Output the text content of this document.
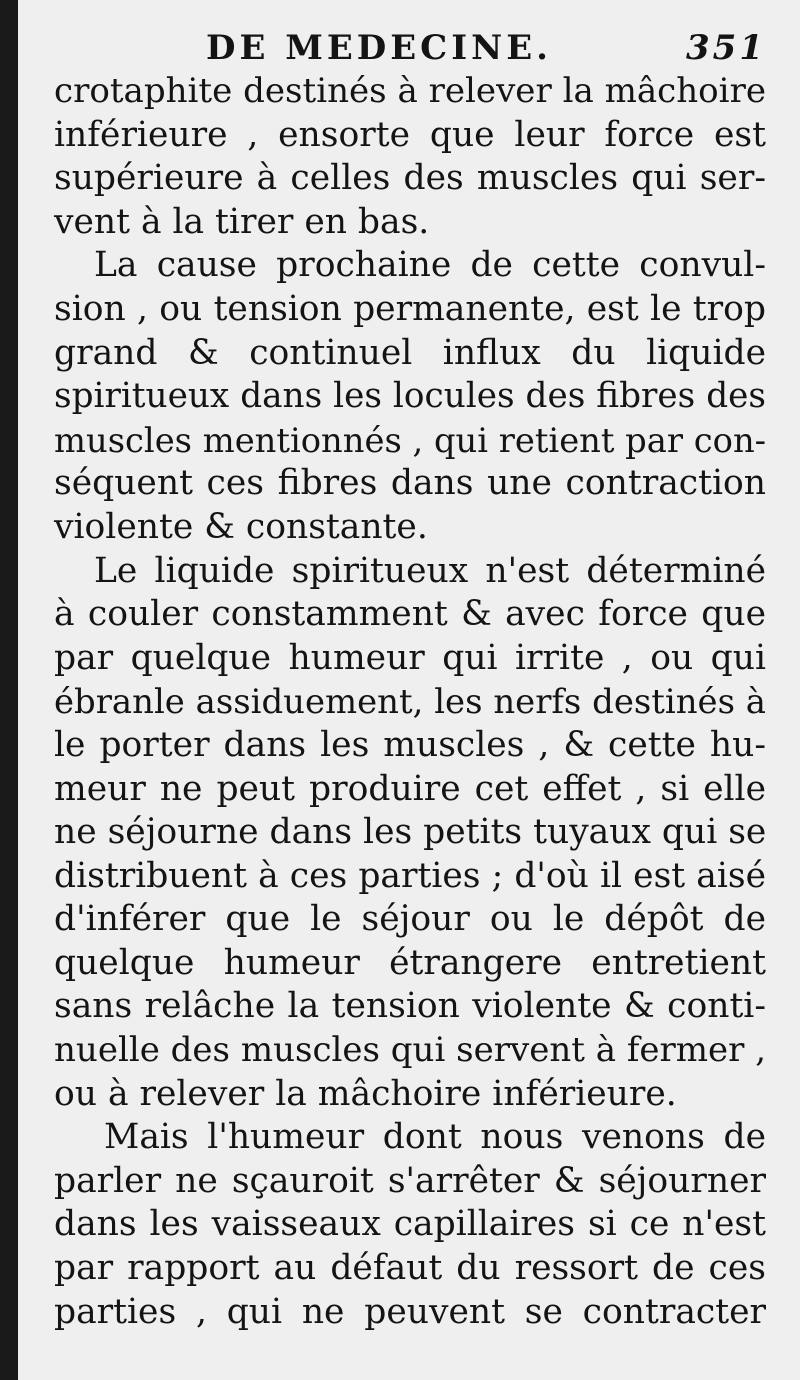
DE MEDECINE.	351
crotaphite destinés à relever la mâchoire
inférieure , ensorte que leur force est
supérieure à celles des muscles qui ser-
vent à la tirer en bas.
La cause prochaine de cette convul-
sion , ou tension permanente, est le trop
grand & continuel influx du liquide
spiritueux dans les locules des fibres des
muscles mentionnés , qui retient par con-
séquent ces fibres dans une contraction
violente & constante.
Le liquide spiritueux n'est déterminé
à couler constamment & avec force que
par quelque humeur qui irrite , ou qui
ébranle assiduement, les nerfs destinés à
le porter dans les muscles , & cette hu-
meur ne peut produire cet effet , si elle
ne séjourne dans les petits tuyaux qui se
distribuent à ces parties ; d'où il est aisé
d'inférer que le séjour ou le dépôt de
quelque humeur étrangere entretient
sans relâche la tension violente & conti-
nuelle des muscles qui servent à fermer ,
ou à relever la mâchoire inférieure.
Mais l'humeur dont nous venons de
parler ne sçauroit s'arrêter & séjourner
dans les vaisseaux capillaires si ce n'est
par rapport au défaut du ressort de ces
parties , qui ne peuvent se contracter
